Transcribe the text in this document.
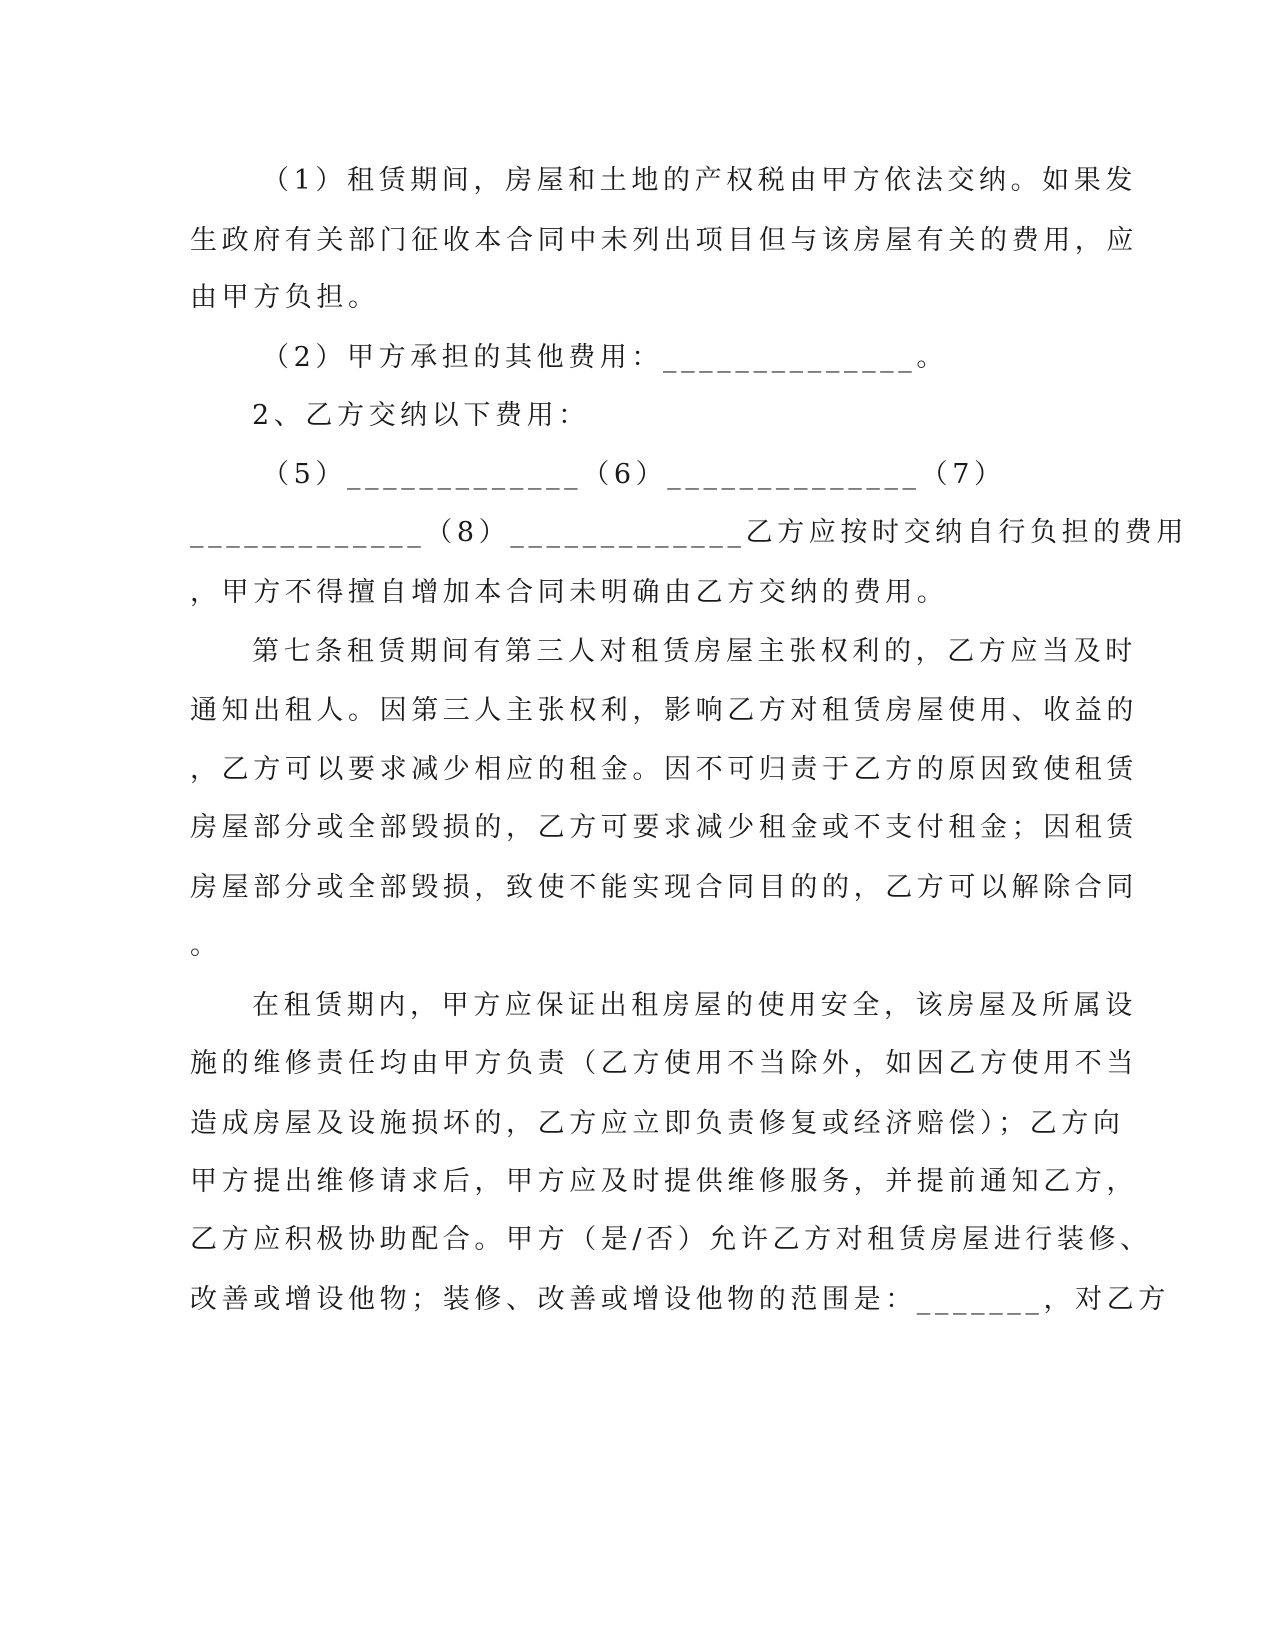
（1）租赁期间，房屋和土地的产权税由甲方依法交纳。如果发
生政府有关部门征收本合同中未列出项目但与该房屋有关的费用，应
由甲方负担。
（2）甲方承担的其他费用：______________。
2、乙方交纳以下费用：
（5）_____________（6）______________（7）
_____________（8）_____________乙方应按时交纳自行负担的费用
，甲方不得擅自增加本合同未明确由乙方交纳的费用。
第七条租赁期间有第三人对租赁房屋主张权利的，乙方应当及时
通知出租人。因第三人主张权利，影响乙方对租赁房屋使用、收益的
，乙方可以要求减少相应的租金。因不可归责于乙方的原因致使租赁
房屋部分或全部毁损的，乙方可要求减少租金或不支付租金；因租赁
房屋部分或全部毁损，致使不能实现合同目的的，乙方可以解除合同
。
在租赁期内，甲方应保证出租房屋的使用安全，该房屋及所属设
施的维修责任均由甲方负责（乙方使用不当除外，如因乙方使用不当
造成房屋及设施损坏的，乙方应立即负责修复或经济赔偿）；乙方向
甲方提出维修请求后，甲方应及时提供维修服务，并提前通知乙方，
乙方应积极协助配合。甲方（是/否）允许乙方对租赁房屋进行装修、
改善或增设他物；装修、改善或增设他物的范围是：_______，对乙方
